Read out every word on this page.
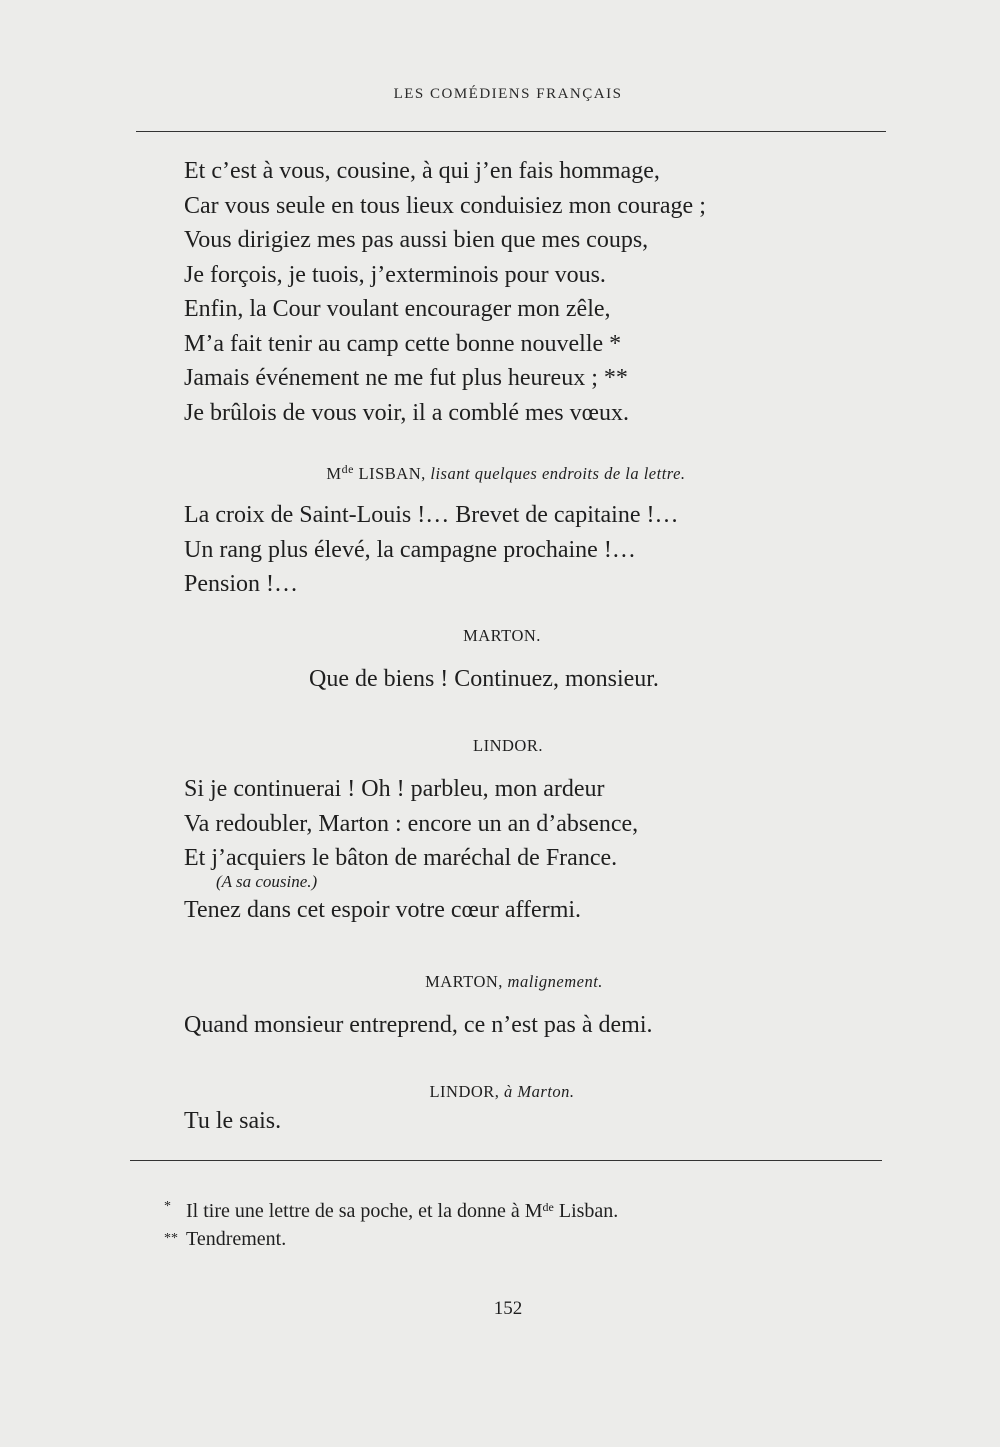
LES COMÉDIENS FRANÇAIS
Et c’est à vous, cousine, à qui j’en fais hommage,
Car vous seule en tous lieux conduisiez mon courage ;
Vous dirigiez mes pas aussi bien que mes coups,
Je forçois, je tuois, j’exterminois pour vous.
Enfin, la Cour voulant encourager mon zêle,
M’a fait tenir au camp cette bonne nouvelle *
Jamais événement ne me fut plus heureux ; **
Je brûlois de vous voir, il a comblé mes vœux.
Mde LISBAN, lisant quelques endroits de la lettre.
La croix de Saint-Louis !… Brevet de capitaine !…
Un rang plus élevé, la campagne prochaine !…
Pension !…
MARTON.
Que de biens ! Continuez, monsieur.
LINDOR.
Si je continuerai ! Oh ! parbleu, mon ardeur
Va redoubler, Marton : encore un an d’absence,
Et j’acquiers le bâton de maréchal de France.
(A sa cousine.)
Tenez dans cet espoir votre cœur affermi.
MARTON, malignement.
Quand monsieur entreprend, ce n’est pas à demi.
LINDOR, à Marton.
Tu le sais.
* Il tire une lettre de sa poche, et la donne à Mde Lisban.
** Tendrement.
152
